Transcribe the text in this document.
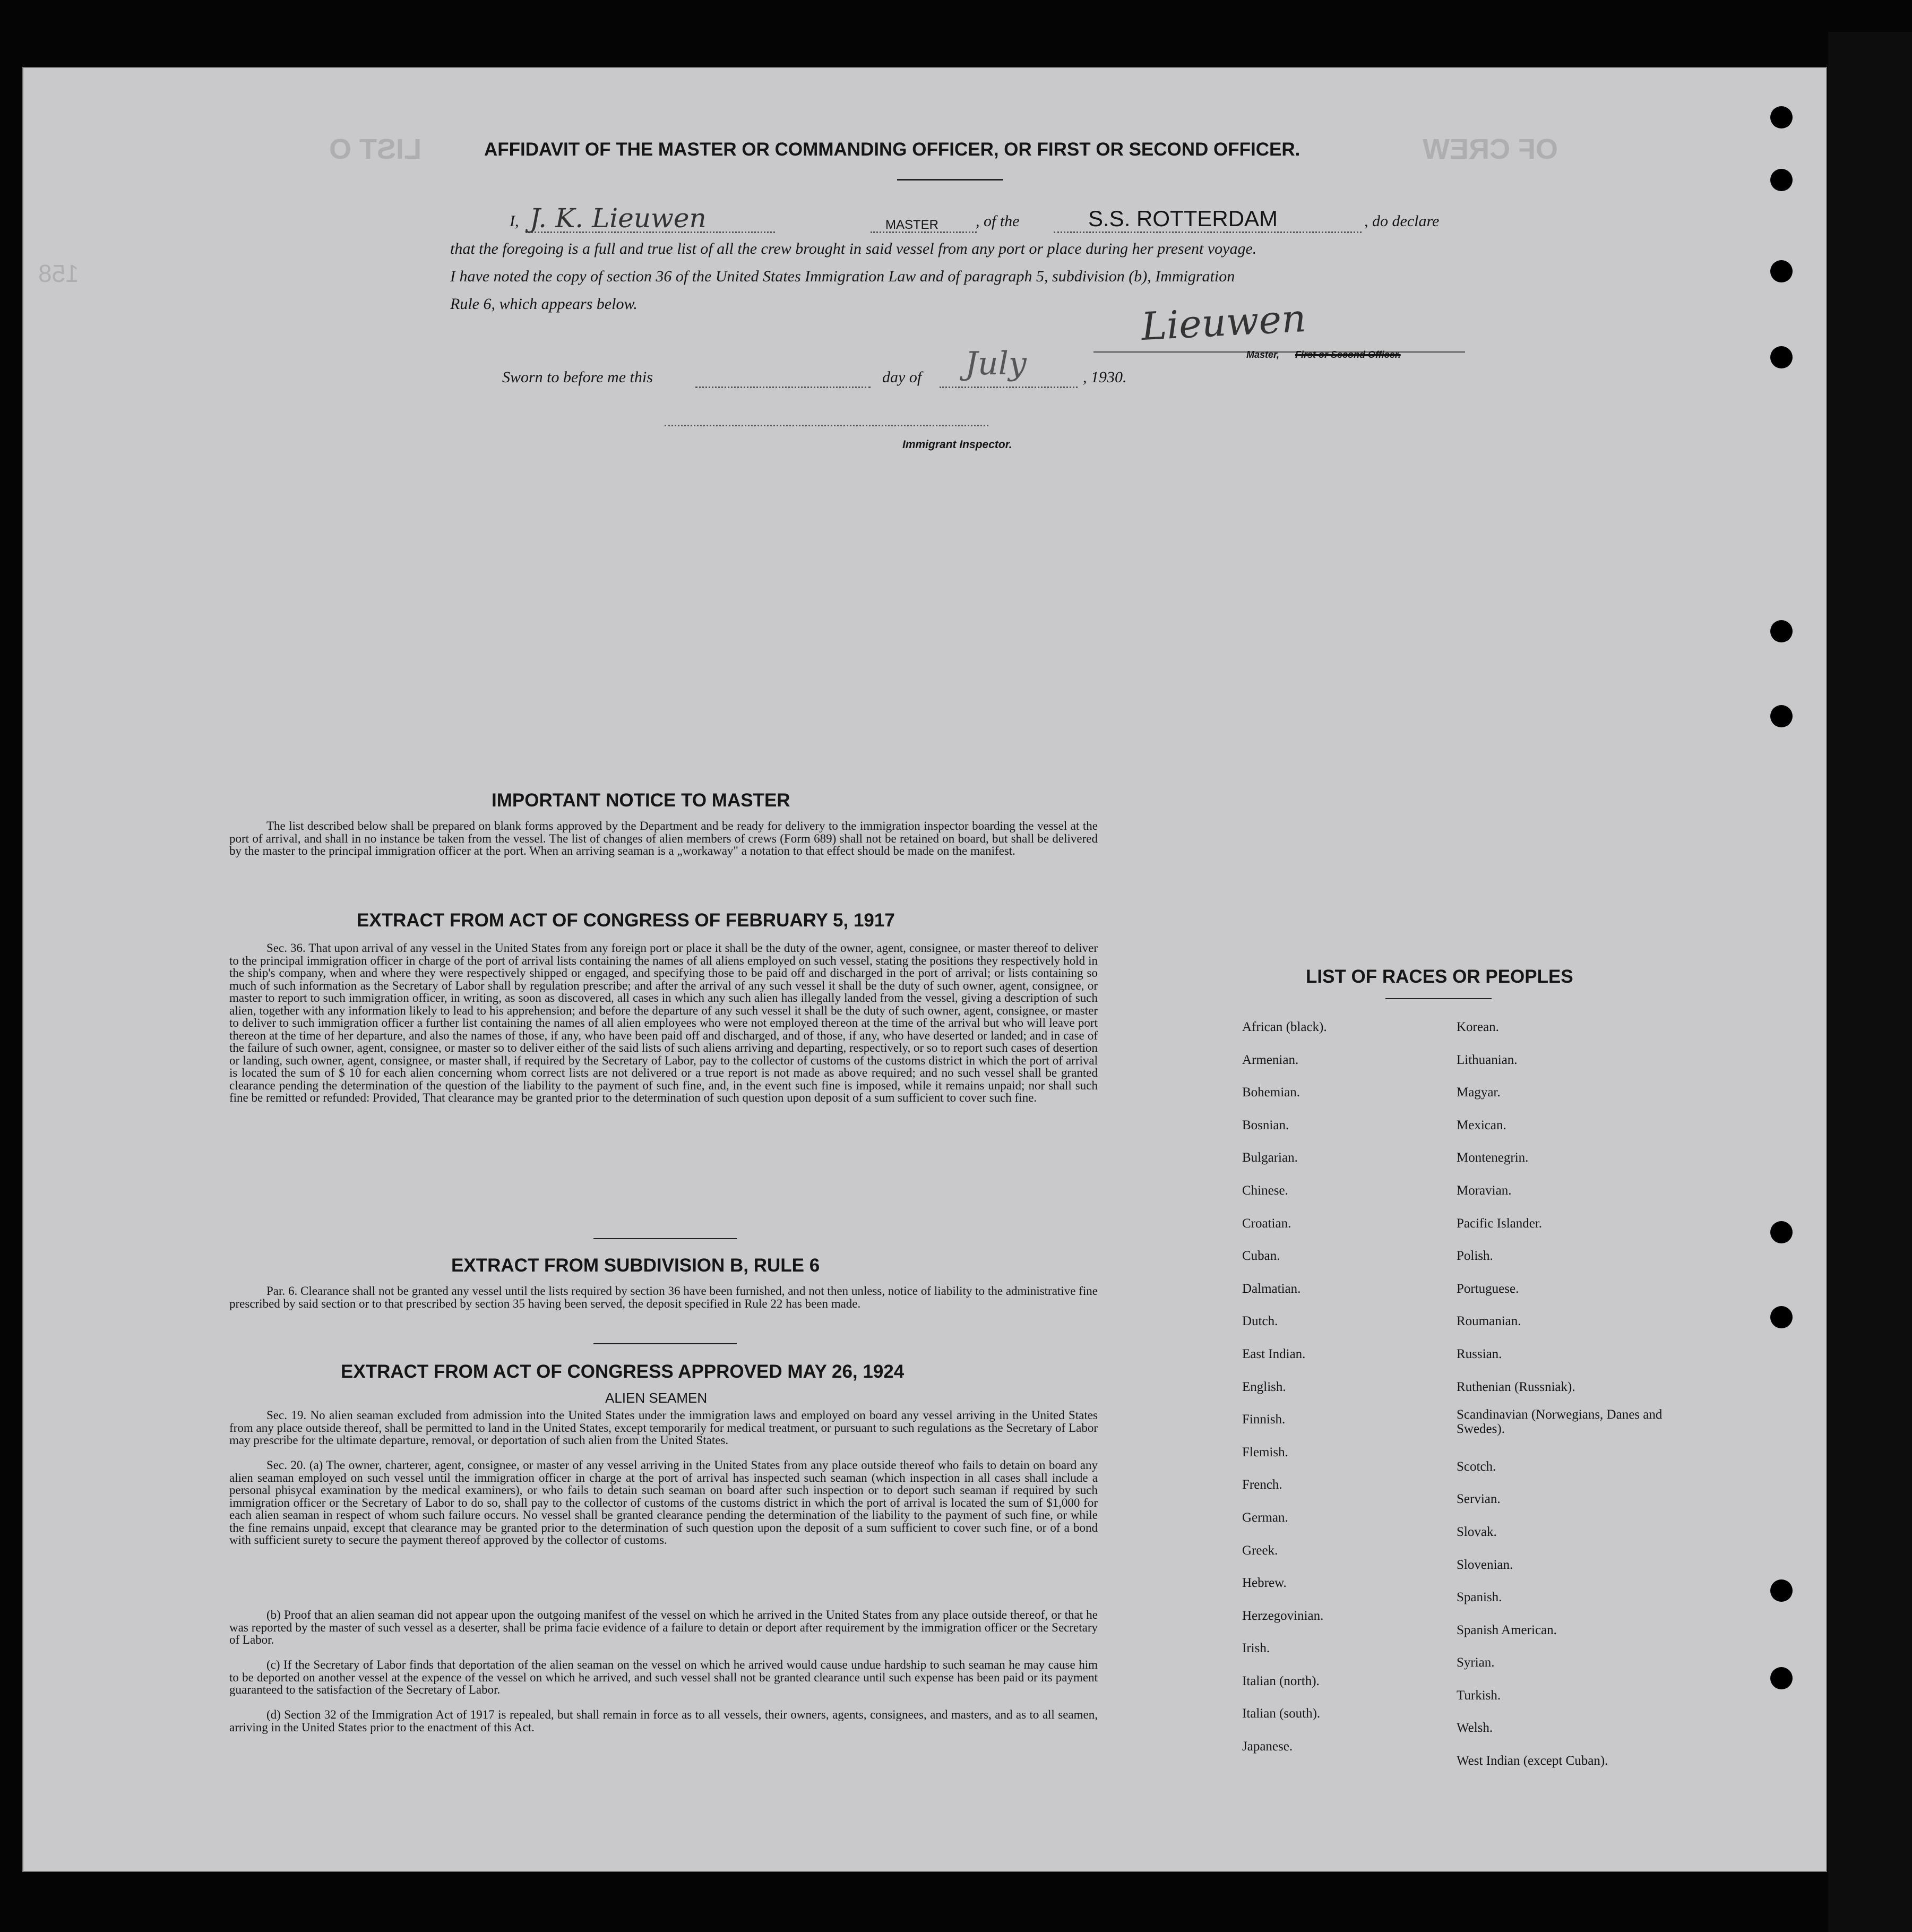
LIST O	OF CREW
158
AFFIDAVIT OF THE MASTER OR COMMANDING OFFICER, OR FIRST OR SECOND OFFICER.
I, J. K. Lieuwen	MASTER , of the	S.S. ROTTERDAM	, do declare
that the foregoing is a full and true list of all the crew brought in said vessel from any port or place during her present voyage.
I have noted the copy of section 36 of the United States Immigration Law and of paragraph 5, subdivision (b), Immigration
Rule 6, which appears below.	Lieuwen
Master, First or Second Officer.
Sworn to before me this	day of July	, 1930.
Immigrant Inspector.
IMPORTANT NOTICE TO MASTER

The list described below shall be prepared on blank forms approved by the Department and be ready for delivery to the immigration inspector boarding the vessel at the port of arrival, and shall in no instance be taken from the vessel. The list of changes of alien members of crews (Form 689) shall not be retained on board, but shall be delivered by the master to the principal immigration officer at the port. When an arriving seaman is a „workaway" a notation to that effect should be made on the manifest.

EXTRACT FROM ACT OF CONGRESS OF FEBRUARY 5, 1917

Sec. 36. That upon arrival of any vessel in the United States from any foreign port or place it shall be the duty of the owner, agent, consignee, or master thereof to deliver to the principal immigration officer in charge of the port of arrival lists containing the names of all aliens employed on such vessel, stating the positions they respectively hold in the ship's company, when and where they were respectively shipped or engaged, and specifying those to be paid off and discharged in the port of arrival; or lists containing so much of such information as the Secretary of Labor shall by regulation prescribe; and after the arrival of any such vessel it shall be the duty of such owner, agent, consignee, or master to report to such immigration officer, in writing, as soon as discovered, all cases in which any such alien has illegally landed from the vessel, giving a description of such alien, together with any information likely to lead to his apprehension; and before the departure of any such vessel it shall be the duty of such owner, agent, consignee, or master to deliver to such immigration officer a further list containing the names of all alien employees who were not employed thereon at the time of the arrival but who will leave port thereon at the time of her departure, and also the names of those, if any, who have been paid off and discharged, and of those, if any, who have deserted or landed; and in case of the failure of such owner, agent, consignee, or master so to deliver either of the said lists of such aliens arriving and departing, respectively, or so to report such cases of desertion or landing, such owner, agent, consignee, or master shall, if required by the Secretary of Labor, pay to the collector of customs of the customs district in which the port of arrival is located the sum of $ 10 for each alien concerning whom correct lists are not delivered or a true report is not made as above required; and no such vessel shall be granted clearance pending the determination of the question of the liability to the payment of such fine, and, in the event such fine is imposed, while it remains unpaid; nor shall such fine be remitted or refunded: Provided, That clearance may be granted prior to the determination of such question upon deposit of a sum sufficient to cover such fine.

EXTRACT FROM SUBDIVISION B, RULE 6

Par. 6. Clearance shall not be granted any vessel until the lists required by section 36 have been furnished, and not then unless, notice of liability to the administrative fine prescribed by said section or to that prescribed by section 35 having been served, the deposit specified in Rule 22 has been made.

EXTRACT FROM ACT OF CONGRESS APPROVED MAY 26, 1924
ALIEN SEAMEN

Sec. 19. No alien seaman excluded from admission into the United States under the immigration laws and employed on board any vessel arriving in the United States from any place outside thereof, shall be permitted to land in the United States, except temporarily for medical treatment, or pursuant to such regulations as the Secretary of Labor may prescribe for the ultimate departure, removal, or deportation of such alien from the United States.

Sec. 20. (a) The owner, charterer, agent, consignee, or master of any vessel arriving in the United States from any place outside thereof who fails to detain on board any alien seaman employed on such vessel until the immigration officer in charge at the port of arrival has inspected such seaman (which inspection in all cases shall include a personal phisycal examination by the medical examiners), or who fails to detain such seaman on board after such inspection or to deport such seaman if required by such immigration officer or the Secretary of Labor to do so, shall pay to the collector of customs of the customs district in which the port of arrival is located the sum of $1,000 for each alien seaman in respect of whom such failure occurs. No vessel shall be granted clearance pending the determination of the liability to the payment of such fine, or while the fine remains unpaid, except that clearance may be granted prior to the determination of such question upon the deposit of a sum sufficient to cover such fine, or of a bond with sufficient surety to secure the payment thereof approved by the collector of customs.

(b) Proof that an alien seaman did not appear upon the outgoing manifest of the vessel on which he arrived in the United States from any place outside thereof, or that he was reported by the master of such vessel as a deserter, shall be prima facie evidence of a failure to detain or deport after requirement by the immigration officer or the Secretary of Labor.

(c) If the Secretary of Labor finds that deportation of the alien seaman on the vessel on which he arrived would cause undue hardship to such seaman he may cause him to be deported on another vessel at the expence of the vessel on which he arrived, and such vessel shall not be granted clearance until such expense has been paid or its payment guaranteed to the satisfaction of the Secretary of Labor.

(d) Section 32 of the Immigration Act of 1917 is repealed, but shall remain in force as to all vessels, their owners, agents, consignees, and masters, and as to all seamen, arriving in the United States prior to the enactment of this Act.

LIST OF RACES OR PEOPLES
African (black).
Armenian.
Bohemian.
Bosnian.
Bulgarian.
Chinese.
Croatian.
Cuban.
Dalmatian.
Dutch.
East Indian.
English.
Finnish.
Flemish.
French.
German.
Greek.
Hebrew.
Herzegovinian.
Irish.
Italian (north).
Italian (south).
Japanese.
Korean.
Lithuanian.
Magyar.
Mexican.
Montenegrin.
Moravian.
Pacific Islander.
Polish.
Portuguese.
Roumanian.
Russian.
Ruthenian (Russniak).
Scandinavian (Norwegians, Danes and Swedes).
Scotch.
Servian.
Slovak.
Slovenian.
Spanish.
Spanish American.
Syrian.
Turkish.
Welsh.
West Indian (except Cuban).
